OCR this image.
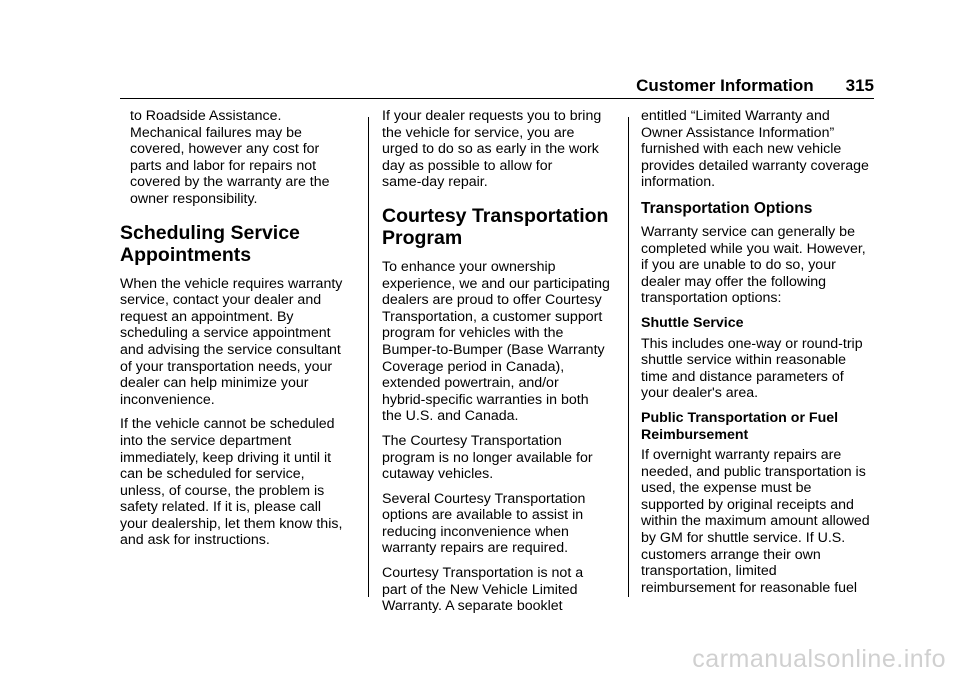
Customer Information 315

to Roadside Assistance.
Mechanical failures may be
covered, however any cost for
parts and labor for repairs not
covered by the warranty are the
owner responsibility.

Scheduling Service
Appointments

When the vehicle requires warranty
service, contact your dealer and
request an appointment. By
scheduling a service appointment
and advising the service consultant
of your transportation needs, your
dealer can help minimize your
inconvenience.

If the vehicle cannot be scheduled
into the service department
immediately, keep driving it until it
can be scheduled for service,
unless, of course, the problem is
safety related. If it is, please call
your dealership, let them know this,
and ask for instructions.

If your dealer requests you to bring
the vehicle for service, you are
urged to do so as early in the work
day as possible to allow for
same-day repair.

Courtesy Transportation
Program

To enhance your ownership
experience, we and our participating
dealers are proud to offer Courtesy
Transportation, a customer support
program for vehicles with the
Bumper-to-Bumper (Base Warranty
Coverage period in Canada),
extended powertrain, and/or
hybrid-specific warranties in both
the U.S. and Canada.

The Courtesy Transportation
program is no longer available for
cutaway vehicles.

Several Courtesy Transportation
options are available to assist in
reducing inconvenience when
warranty repairs are required.

Courtesy Transportation is not a
part of the New Vehicle Limited
Warranty. A separate booklet

entitled “Limited Warranty and
Owner Assistance Information”
furnished with each new vehicle
provides detailed warranty coverage
information.

Transportation Options

Warranty service can generally be
completed while you wait. However,
if you are unable to do so, your
dealer may offer the following
transportation options:

Shuttle Service

This includes one-way or round-trip
shuttle service within reasonable
time and distance parameters of
your dealer's area.

Public Transportation or Fuel
Reimbursement

If overnight warranty repairs are
needed, and public transportation is
used, the expense must be
supported by original receipts and
within the maximum amount allowed
by GM for shuttle service. If U.S.
customers arrange their own
transportation, limited
reimbursement for reasonable fuel

carmanualsonline.info
